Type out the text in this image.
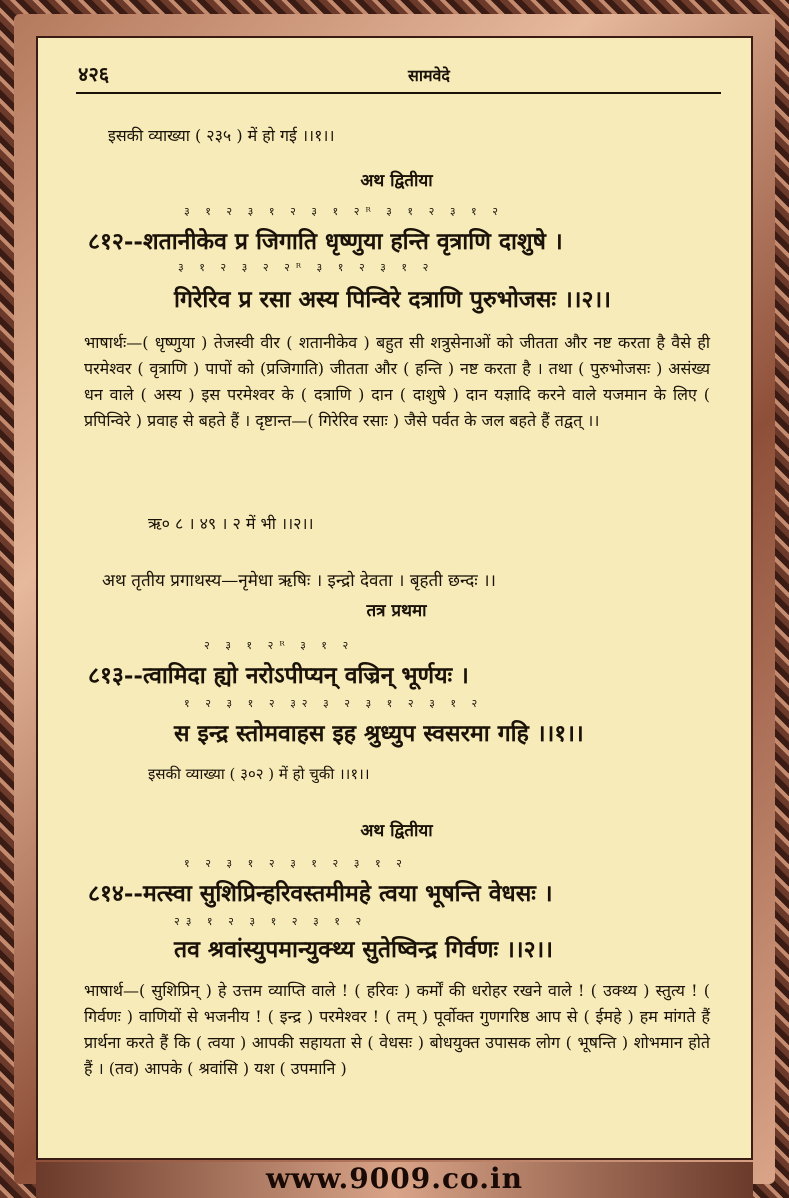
४२६	सामवेदे
इसकी व्याख्या ( २३५ ) में हो गई ।।१।।
अथ द्वितीया
३ १ २ ३ १ २ ३ १ २ᴿ ३ १ २ ३ १ २
८१२--शतानीकेव प्र जिगाति धृष्णुया हन्ति वृत्राणि दाशुषे ।
३ १ २ ३ २ २ᴿ ३ १ २ ३ १ २
गिरेरिव प्र रसा अस्य पिन्विरे दत्राणि पुरुभोजसः ।।२।।
भाषार्थः—( धृष्णुया ) तेजस्वी वीर ( शतानीकेव ) बहुत सी शत्रुसेनाओं को जीतता और नष्ट करता है वैसे ही परमेश्वर ( वृत्राणि ) पापों को (प्रजिगाति) जीतता और ( हन्ति ) नष्ट करता है । तथा ( पुरुभोजसः ) असंख्य धन वाले ( अस्य ) इस परमेश्वर के ( दत्राणि ) दान ( दाशुषे ) दान यज्ञादि करने वाले यजमान के लिए ( प्रपिन्विरे ) प्रवाह से बहते हैं । दृष्टान्त—( गिरेरिव रसाः ) जैसे पर्वत के जल बहते हैं तद्वत् ।।
ऋ० ८ । ४९ । २ में भी ।।२।।
अथ तृतीय प्रगाथस्य—नृमेधा ऋषिः । इन्द्रो देवता । बृहती छन्दः ।।
तत्र प्रथमा
२ ३ १ २ᴿ ३ १ २
८१३--त्वामिदा ह्यो नरोऽपीप्यन् वज्रिन् भूर्णयः ।
१ २ ३ १ २ ३२ ३ २ ३ १ २ ३ १ २
स इन्द्र स्तोमवाहस इह श्रुध्युप स्वसरमा गहि ।।१।।
इसकी व्याख्या ( ३०२ ) में हो चुकी ।।१।।
अथ द्वितीया
१ २ ३ १ २ ३ १ २ ३ १ २
८१४--मत्स्वा सुशिप्रिन्हरिवस्तमीमहे त्वया भूषन्ति वेधसः ।
२३ १ २ ३ १ २ ३ १ २
तव श्रवांस्युपमान्युक्थ्य सुतेष्विन्द्र गिर्वणः ।।२।।
भाषार्थ—( सुशिप्रिन् ) हे उत्तम व्याप्ति वाले ! ( हरिवः ) कर्मों की धरोहर रखने वाले ! ( उक्थ्य ) स्तुत्य ! ( गिर्वणः ) वाणियों से भजनीय ! ( इन्द्र ) परमेश्वर ! ( तम् ) पूर्वोक्त गुणगरिष्ठ आप से ( ईमहे ) हम मांगते हैं प्रार्थना करते हैं कि ( त्वया ) आपकी सहायता से ( वेधसः ) बोधयुक्त उपासक लोग ( भूषन्ति ) शोभमान होते हैं । (तव) आपके ( श्रवांसि ) यश ( उपमानि )
www.9009.co.in
